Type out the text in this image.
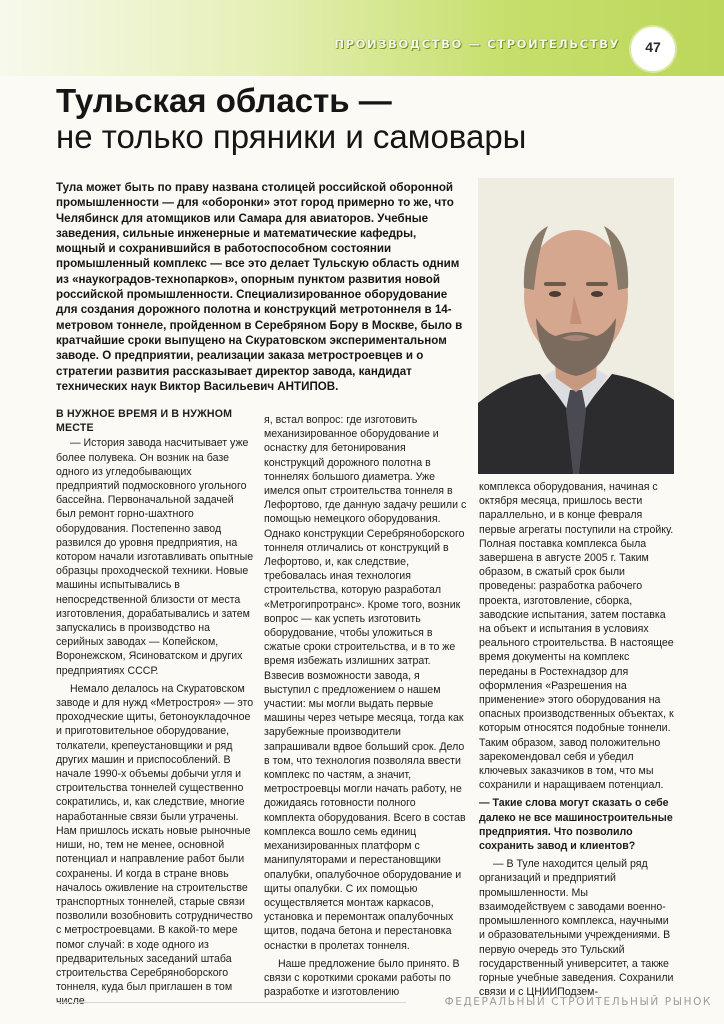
ПРОИЗВОДСТВО — СТРОИТЕЛЬСТВУ	47
Тульская область —
не только пряники и самовары

Тула может быть по праву названа столицей российской оборонной промышленности — для «оборонки» этот город примерно то же, что Челябинск для атомщиков или Самара для авиаторов. Учебные заведения, сильные инженерные и математические кафедры, мощный и сохранившийся в работоспособном состоянии промышленный комплекс — все это делает Тульскую область одним из «наукоградов-технопарков», опорным пунктом развития новой российской промышленности. Специализированное оборудование для создания дорожного полотна и конструкций метротоннеля в 14-метровом тоннеле, пройденном в Серебряном Бору в Москве, было в кратчайшие сроки выпущено на Скуратовском экспериментальном заводе. О предприятии, реализации заказа метростроевцев и о стратегии развития рассказывает директор завода, кандидат технических наук Виктор Васильевич АНТИПОВ.

В НУЖНОЕ ВРЕМЯ И В НУЖНОМ МЕСТЕ

— История завода насчитывает уже более полувека. Он возник на базе одного из угледобывающих предприятий подмосковного угольного бассейна. Первоначальной задачей был ремонт горно-шахтного оборудования. Постепенно завод развился до уровня предприятия, на котором начали изготавливать опытные образцы проходческой техники. Новые машины испытывались в непосредственной близости от места изготовления, дорабатывались и затем запускались в производство на серийных заводах — Копейском, Воронежском, Ясиноватском и других предприятиях СССР.

Немало делалось на Скуратовском заводе и для нужд «Метростроя» — это проходческие щиты, бетоноукладочное и приготовительное оборудование, толкатели, крепеустановщики и ряд других машин и приспособлений. В начале 1990-х объемы добычи угля и строительства тоннелей существенно сократились, и, как следствие, многие наработанные связи были утрачены. Нам пришлось искать новые рыночные ниши, но, тем не менее, основной потенциал и направление работ были сохранены. И когда в стране вновь началось оживление на строительстве транспортных тоннелей, старые связи позволили возобновить сотрудничество с метростроевцами. В какой-то мере помог случай: в ходе одного из предварительных заседаний штаба строительства Серебряноборского тоннеля, куда был приглашен в том

я, встал вопрос: где изготовить механизированное оборудование и оснастку для бетонирования конструкций дорожного полотна в тоннелях большого диаметра. Уже имелся опыт строительства тоннеля в Лефортово, где данную задачу решили с помощью немецкого оборудования. Однако конструкции Серебряноборского тоннеля отличались от конструкций в Лефортово, и, как следствие, требовалась иная технология строительства, которую разработал «Метрогипротранс». Кроме того, возник вопрос — как успеть изготовить оборудование, чтобы уложиться в сжатые сроки строительства, и в то же время избежать излишних затрат. Взвесив возможности завода, я выступил с предложением о нашем участии: мы могли выдать первые машины через четыре месяца, тогда как зарубежные производители запрашивали вдвое больший срок. Дело в том, что технология позволяла ввести комплекс по частям, а значит, метростроевцы могли начать работу, не дожидаясь готовности полного комплекта оборудования. Всего в состав комплекса вошло семь единиц механизированных платформ с манипуляторами и перестановщики опалубки, опалубочное оборудование и щиты опалубки. С их помощью осуществляется монтаж каркасов, установка и перемонтаж опалубочных щитов, подача бетона и перестановка оснастки в пролетах тоннеля.

Наше предложение было принято. В связи с короткими сроками работы по разработке и изготовлению

комплекса оборудования, начиная с октября месяца, пришлось вести параллельно, и в конце февраля первые агрегаты поступили на стройку. Полная поставка комплекса была завершена в августе 2005 г. Таким образом, в сжатый срок были проведены: разработка рабочего проекта, изготовление, сборка, заводские испытания, затем поставка на объект и испытания в условиях реального строительства. В настоящее время документы на комплекс переданы в Ростехнадзор для оформления «Разрешения на применение» этого оборудования на опасных производственных объектах, к которым относятся подобные тоннели. Таким образом, завод положительно зарекомендовал себя и убедил ключевых заказчиков в том, что мы сохранили и наращиваем потенциал.

— Такие слова могут сказать о себе далеко не все машиностроительные предприятия. Что позволило сохранить завод и клиентов?

— В Туле находится целый ряд организаций и предприятий промышленности. Мы взаимодействуем с заводами военно-промышленного комплекса, научными и образовательными учреждениями. В первую очередь это Тульский государственный университет, а также горные учебные заведения. Сохранили связи и с ЦНИИПодзем-

ФЕДЕРАЛЬНЫЙ СТРОИТЕЛЬНЫЙ РЫНОК
